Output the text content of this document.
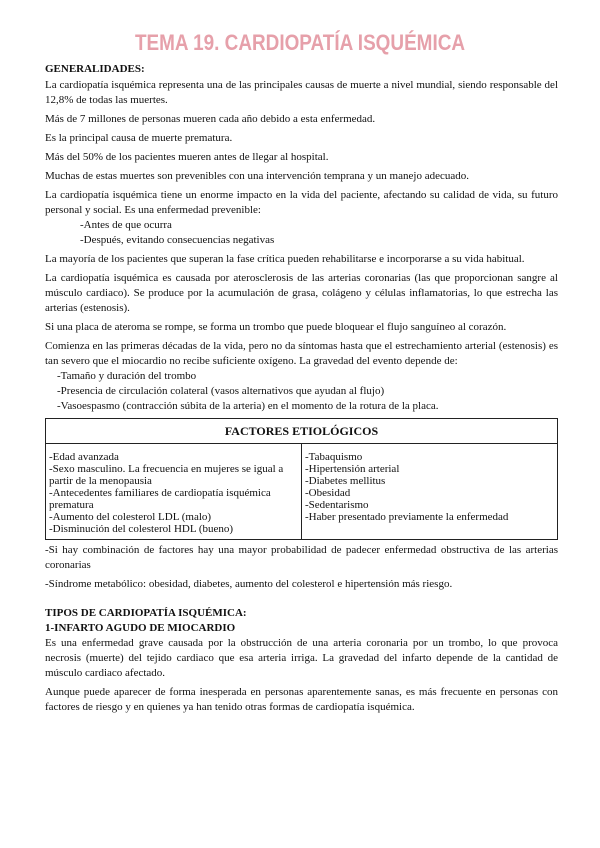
TEMA 19. CARDIOPATÍA ISQUÉMICA
GENERALIDADES:

La cardiopatía isquémica representa una de las principales causas de muerte a nivel mundial, siendo responsable del 12,8% de todas las muertes.

Más de 7 millones de personas mueren cada año debido a esta enfermedad.

Es la principal causa de muerte prematura.

Más del 50% de los pacientes mueren antes de llegar al hospital.

Muchas de estas muertes son prevenibles con una intervención temprana y un manejo adecuado.

La cardiopatía isquémica tiene un enorme impacto en la vida del paciente, afectando su calidad de vida, su futuro personal y social. Es una enfermedad prevenible:

-Antes de que ocurra
-Después, evitando consecuencias negativas

La mayoría de los pacientes que superan la fase crítica pueden rehabilitarse e incorporarse a su vida habitual.

La cardiopatía isquémica es causada por aterosclerosis de las arterias coronarias (las que proporcionan sangre al músculo cardiaco). Se produce por la acumulación de grasa, colágeno y células inflamatorias, lo que estrecha las arterias (estenosis).

Si una placa de ateroma se rompe, se forma un trombo que puede bloquear el flujo sanguíneo al corazón.

Comienza en las primeras décadas de la vida, pero no da síntomas hasta que el estrechamiento arterial (estenosis) es tan severo que el miocardio no recibe suficiente oxígeno. La gravedad del evento depende de:

-Tamaño y duración del trombo
-Presencia de circulación colateral (vasos alternativos que ayudan al flujo)
-Vasoespasmo (contracción súbita de la arteria) en el momento de la rotura de la placa.
FACTORES ETIOLÓGICOS

-Edad avanzada
-Sexo masculino. La frecuencia en mujeres se igual a partir de la menopausia
-Antecedentes familiares de cardiopatía isquémica prematura
-Aumento del colesterol LDL (malo)
-Disminución del colesterol HDL (bueno)

-Tabaquismo
-Hipertensión arterial
-Diabetes mellitus
-Obesidad
-Sedentarismo
-Haber presentado previamente la enfermedad

-Si hay combinación de factores hay una mayor probabilidad de padecer enfermedad obstructiva de las arterias coronarias

-Síndrome metabólico: obesidad, diabetes, aumento del colesterol e hipertensión más riesgo.

TIPOS DE CARDIOPATÍA ISQUÉMICA:
1-INFARTO AGUDO DE MIOCARDIO

Es una enfermedad grave causada por la obstrucción de una arteria coronaria por un trombo, lo que provoca necrosis (muerte) del tejido cardiaco que esa arteria irriga. La gravedad del infarto depende de la cantidad de músculo cardiaco afectado.

Aunque puede aparecer de forma inesperada en personas aparentemente sanas, es más frecuente en personas con factores de riesgo y en quienes ya han tenido otras formas de cardiopatía isquémica.
